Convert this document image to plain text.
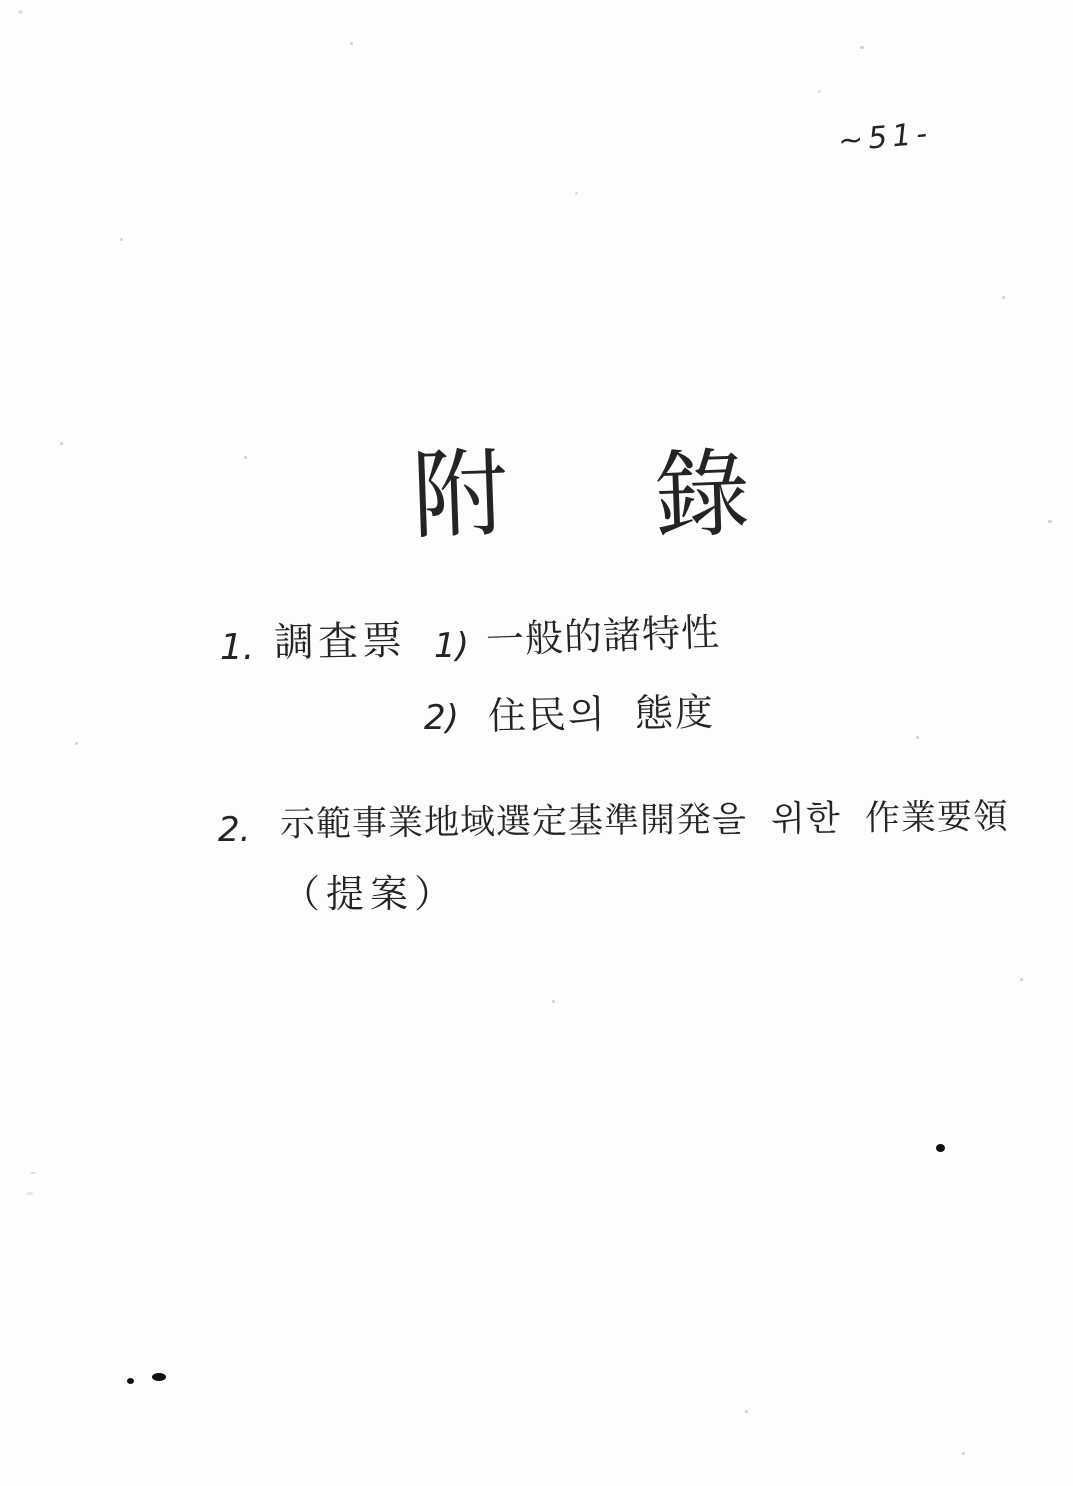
~51-
附 錄
1. 調査票 1) 一般的諸特性
2) 住民의  態度
2. 示範事業地域選定基準開発을  위한  作業要領
（提案）
